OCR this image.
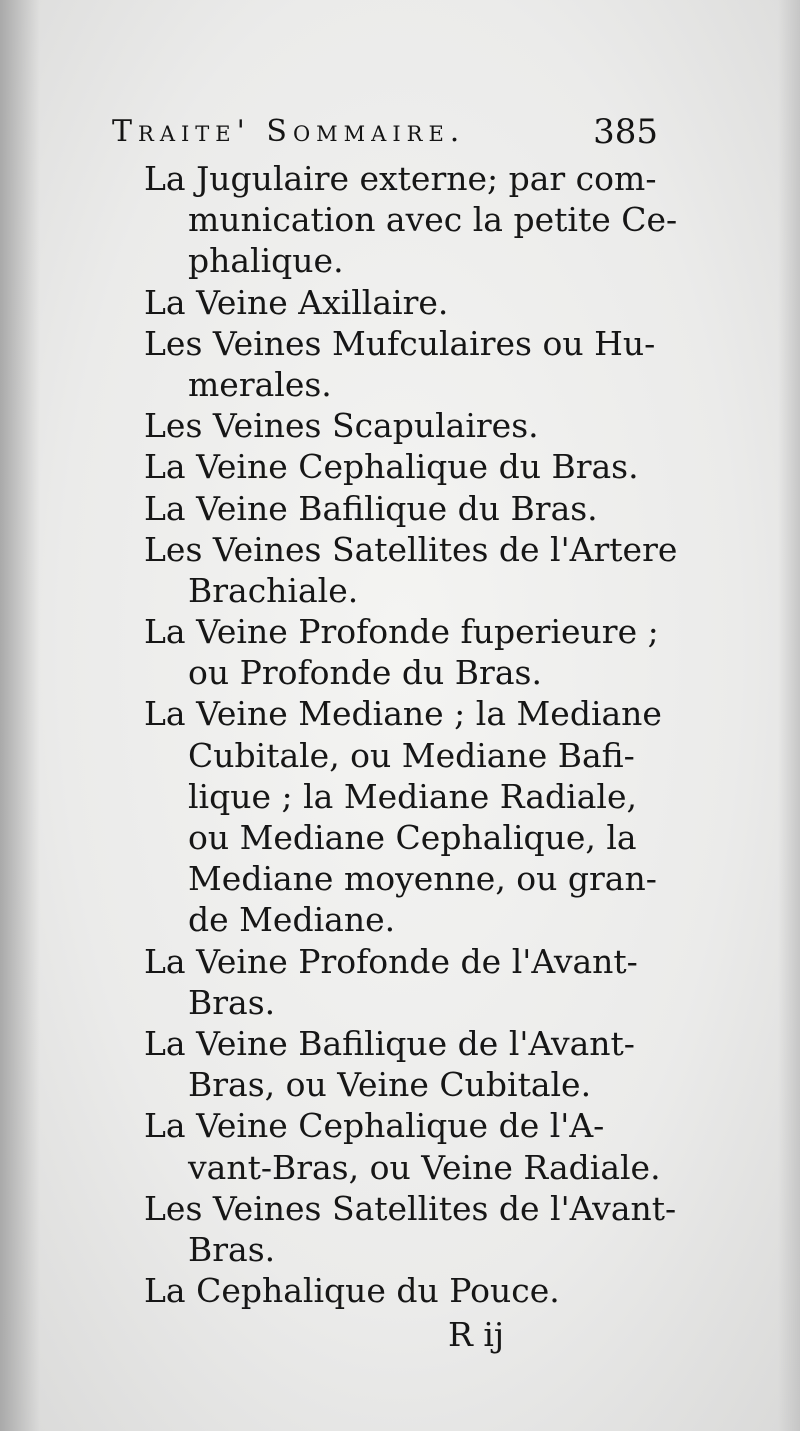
Traite' Sommaire.	385
La Jugulaire externe; par com-
munication avec la petite Ce-
phalique.
La Veine Axillaire.
Les Veines Mufculaires ou Hu-
merales.
Les Veines Scapulaires.
La Veine Cephalique du Bras.
La Veine Bafilique du Bras.
Les Veines Satellites de l'Artere
Brachiale.
La Veine Profonde fuperieure ;
ou Profonde du Bras.
La Veine Mediane ; la Mediane
Cubitale, ou Mediane Bafi-
lique ; la Mediane Radiale,
ou Mediane Cephalique, la
Mediane moyenne, ou gran-
de Mediane.
La Veine Profonde de l'Avant-
Bras.
La Veine Bafilique de l'Avant-
Bras, ou Veine Cubitale.
La Veine Cephalique de l'A-
vant-Bras, ou Veine Radiale.
Les Veines Satellites de l'Avant-
Bras.
La Cephalique du Pouce.
R ij
